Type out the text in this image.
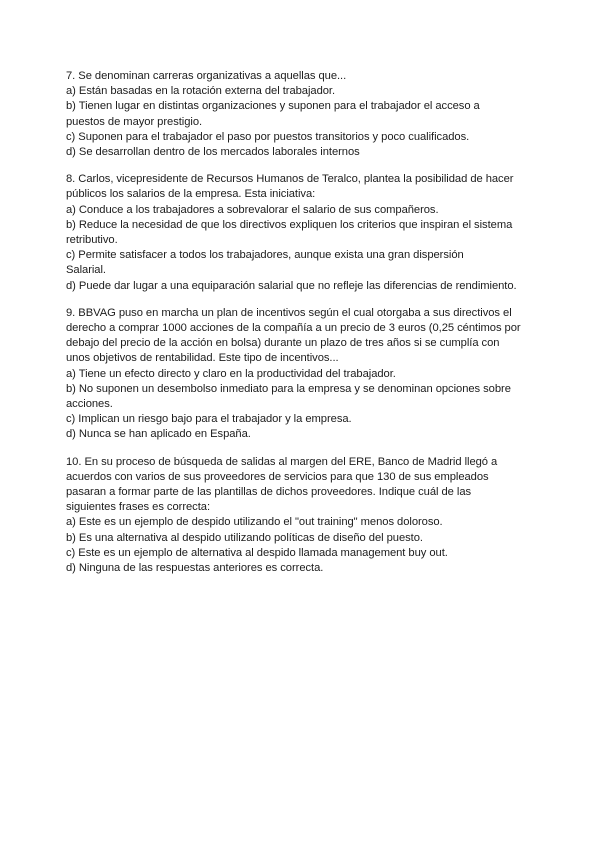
7. Se denominan carreras organizativas a aquellas que...
a) Están basadas en la rotación externa del trabajador.
b) Tienen lugar en distintas organizaciones y suponen para el trabajador el acceso a
puestos de mayor prestigio.
c) Suponen para el trabajador el paso por puestos transitorios y poco cualificados.
d) Se desarrollan dentro de los mercados laborales internos
8. Carlos, vicepresidente de Recursos Humanos de Teralco, plantea la posibilidad de hacer
públicos los salarios de la empresa. Esta iniciativa:
a) Conduce a los trabajadores a sobrevalorar el salario de sus compañeros.
b) Reduce la necesidad de que los directivos expliquen los criterios que inspiran el sistema
retributivo.
c) Permite satisfacer a todos los trabajadores, aunque exista una gran dispersión
Salarial.
d) Puede dar lugar a una equiparación salarial que no refleje las diferencias de rendimiento.
9. BBVAG puso en marcha un plan de incentivos según el cual otorgaba a sus directivos el
derecho a comprar 1000 acciones de la compañía a un precio de 3 euros (0,25 céntimos por
debajo del precio de la acción en bolsa) durante un plazo de tres años si se cumplía con
unos objetivos de rentabilidad. Este tipo de incentivos...
a) Tiene un efecto directo y claro en la productividad del trabajador.
b) No suponen un desembolso inmediato para la empresa y se denominan opciones sobre
acciones.
c) Implican un riesgo bajo para el trabajador y la empresa.
d) Nunca se han aplicado en España.
10. En su proceso de búsqueda de salidas al margen del ERE, Banco de Madrid llegó a
acuerdos con varios de sus proveedores de servicios para que 130 de sus empleados
pasaran a formar parte de las plantillas de dichos proveedores. Indique cuál de las
siguientes frases es correcta:
a) Este es un ejemplo de despido utilizando el "out training" menos doloroso.
b) Es una alternativa al despido utilizando políticas de diseño del puesto.
c) Este es un ejemplo de alternativa al despido llamada management buy out.
d) Ninguna de las respuestas anteriores es correcta.
